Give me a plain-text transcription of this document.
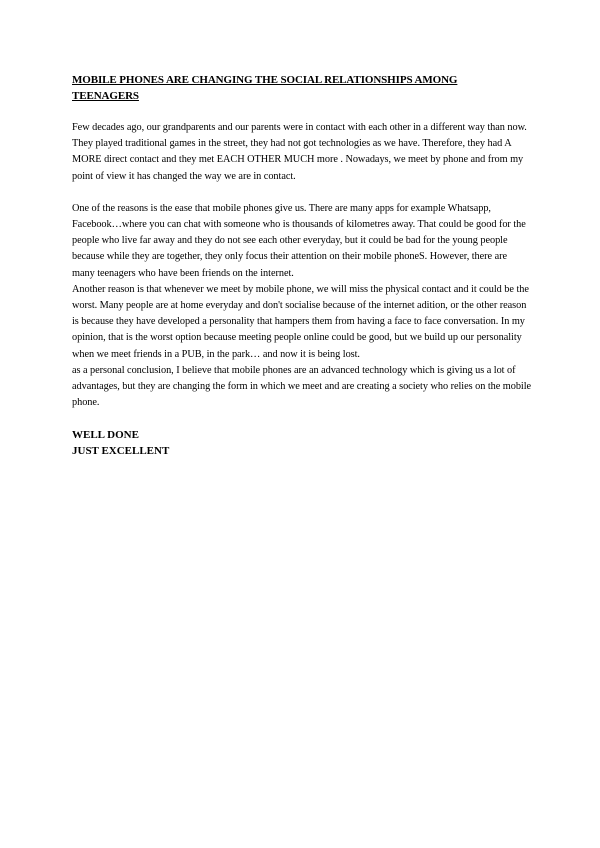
MOBILE PHONES ARE CHANGING THE SOCIAL RELATIONSHIPS AMONG TEENAGERS

Few decades ago, our grandparents and our parents were in contact with each other in a different way than now. They played traditional games in the street, they had not got technologies as we have. Therefore, they had A MORE direct contact and they met EACH OTHER MUCH more . Nowadays, we meet by phone and from my point of view it has changed the way we are in contact.

One of the reasons is the ease that mobile phones give us. There are many apps for example Whatsapp, Facebook…where you can chat with someone who is thousands of kilometres away. That could be good for the people who live far away and they do not see each other everyday, but it could be bad for the young people because while they are together, they only focus their attention on their mobile phoneS. However, there are many teenagers who have been friends on the internet.

Another reason is that whenever we meet by mobile phone, we will miss the physical contact and it could be the worst. Many people are at home everyday and don't socialise because of the internet adition, or the other reason is because they have developed a personality that hampers them from having a face to face conversation. In my opinion, that is the worst option because meeting people online could be good, but we build up our personality when we meet friends in a PUB, in the park… and now it is being lost.

as a personal conclusion, I believe that mobile phones are an advanced technology which is giving us a lot of advantages, but they are changing the form in which we meet and are creating a society who relies on the mobile phone.

WELL DONE

JUST EXCELLENT
